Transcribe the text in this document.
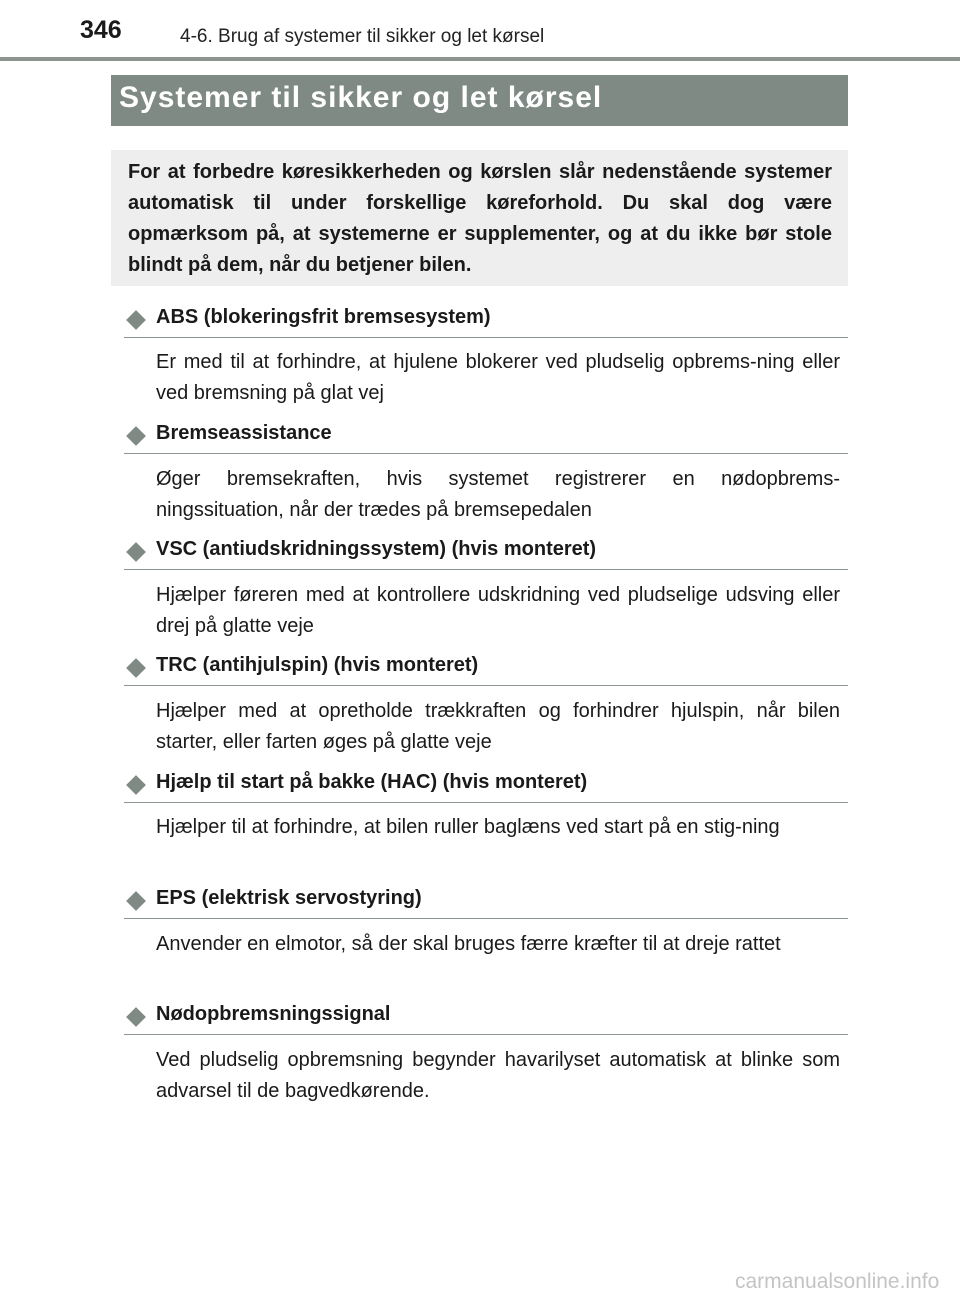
346	4-6. Brug af systemer til sikker og let kørsel
Systemer til sikker og let kørsel
For at forbedre køresikkerheden og kørslen slår nedenstående systemer automatisk til under forskellige køreforhold. Du skal dog være opmærksom på, at systemerne er supplementer, og at du ikke bør stole blindt på dem, når du betjener bilen.
ABS (blokeringsfrit bremsesystem)
Er med til at forhindre, at hjulene blokerer ved pludselig opbrems-ning eller ved bremsning på glat vej
Bremseassistance
Øger bremsekraften, hvis systemet registrerer en nødopbrems-ningssituation, når der trædes på bremsepedalen
VSC (antiudskridningssystem) (hvis monteret)
Hjælper føreren med at kontrollere udskridning ved pludselige udsving eller drej på glatte veje
TRC (antihjulspin) (hvis monteret)
Hjælper med at opretholde trækkraften og forhindrer hjulspin, når bilen starter, eller farten øges på glatte veje
Hjælp til start på bakke (HAC) (hvis monteret)
Hjælper til at forhindre, at bilen ruller baglæns ved start på en stig-ning
EPS (elektrisk servostyring)
Anvender en elmotor, så der skal bruges færre kræfter til at dreje rattet
Nødopbremsningssignal
Ved pludselig opbremsning begynder havarilyset automatisk at blinke som advarsel til de bagvedkørende.
carmanualsonline.info
